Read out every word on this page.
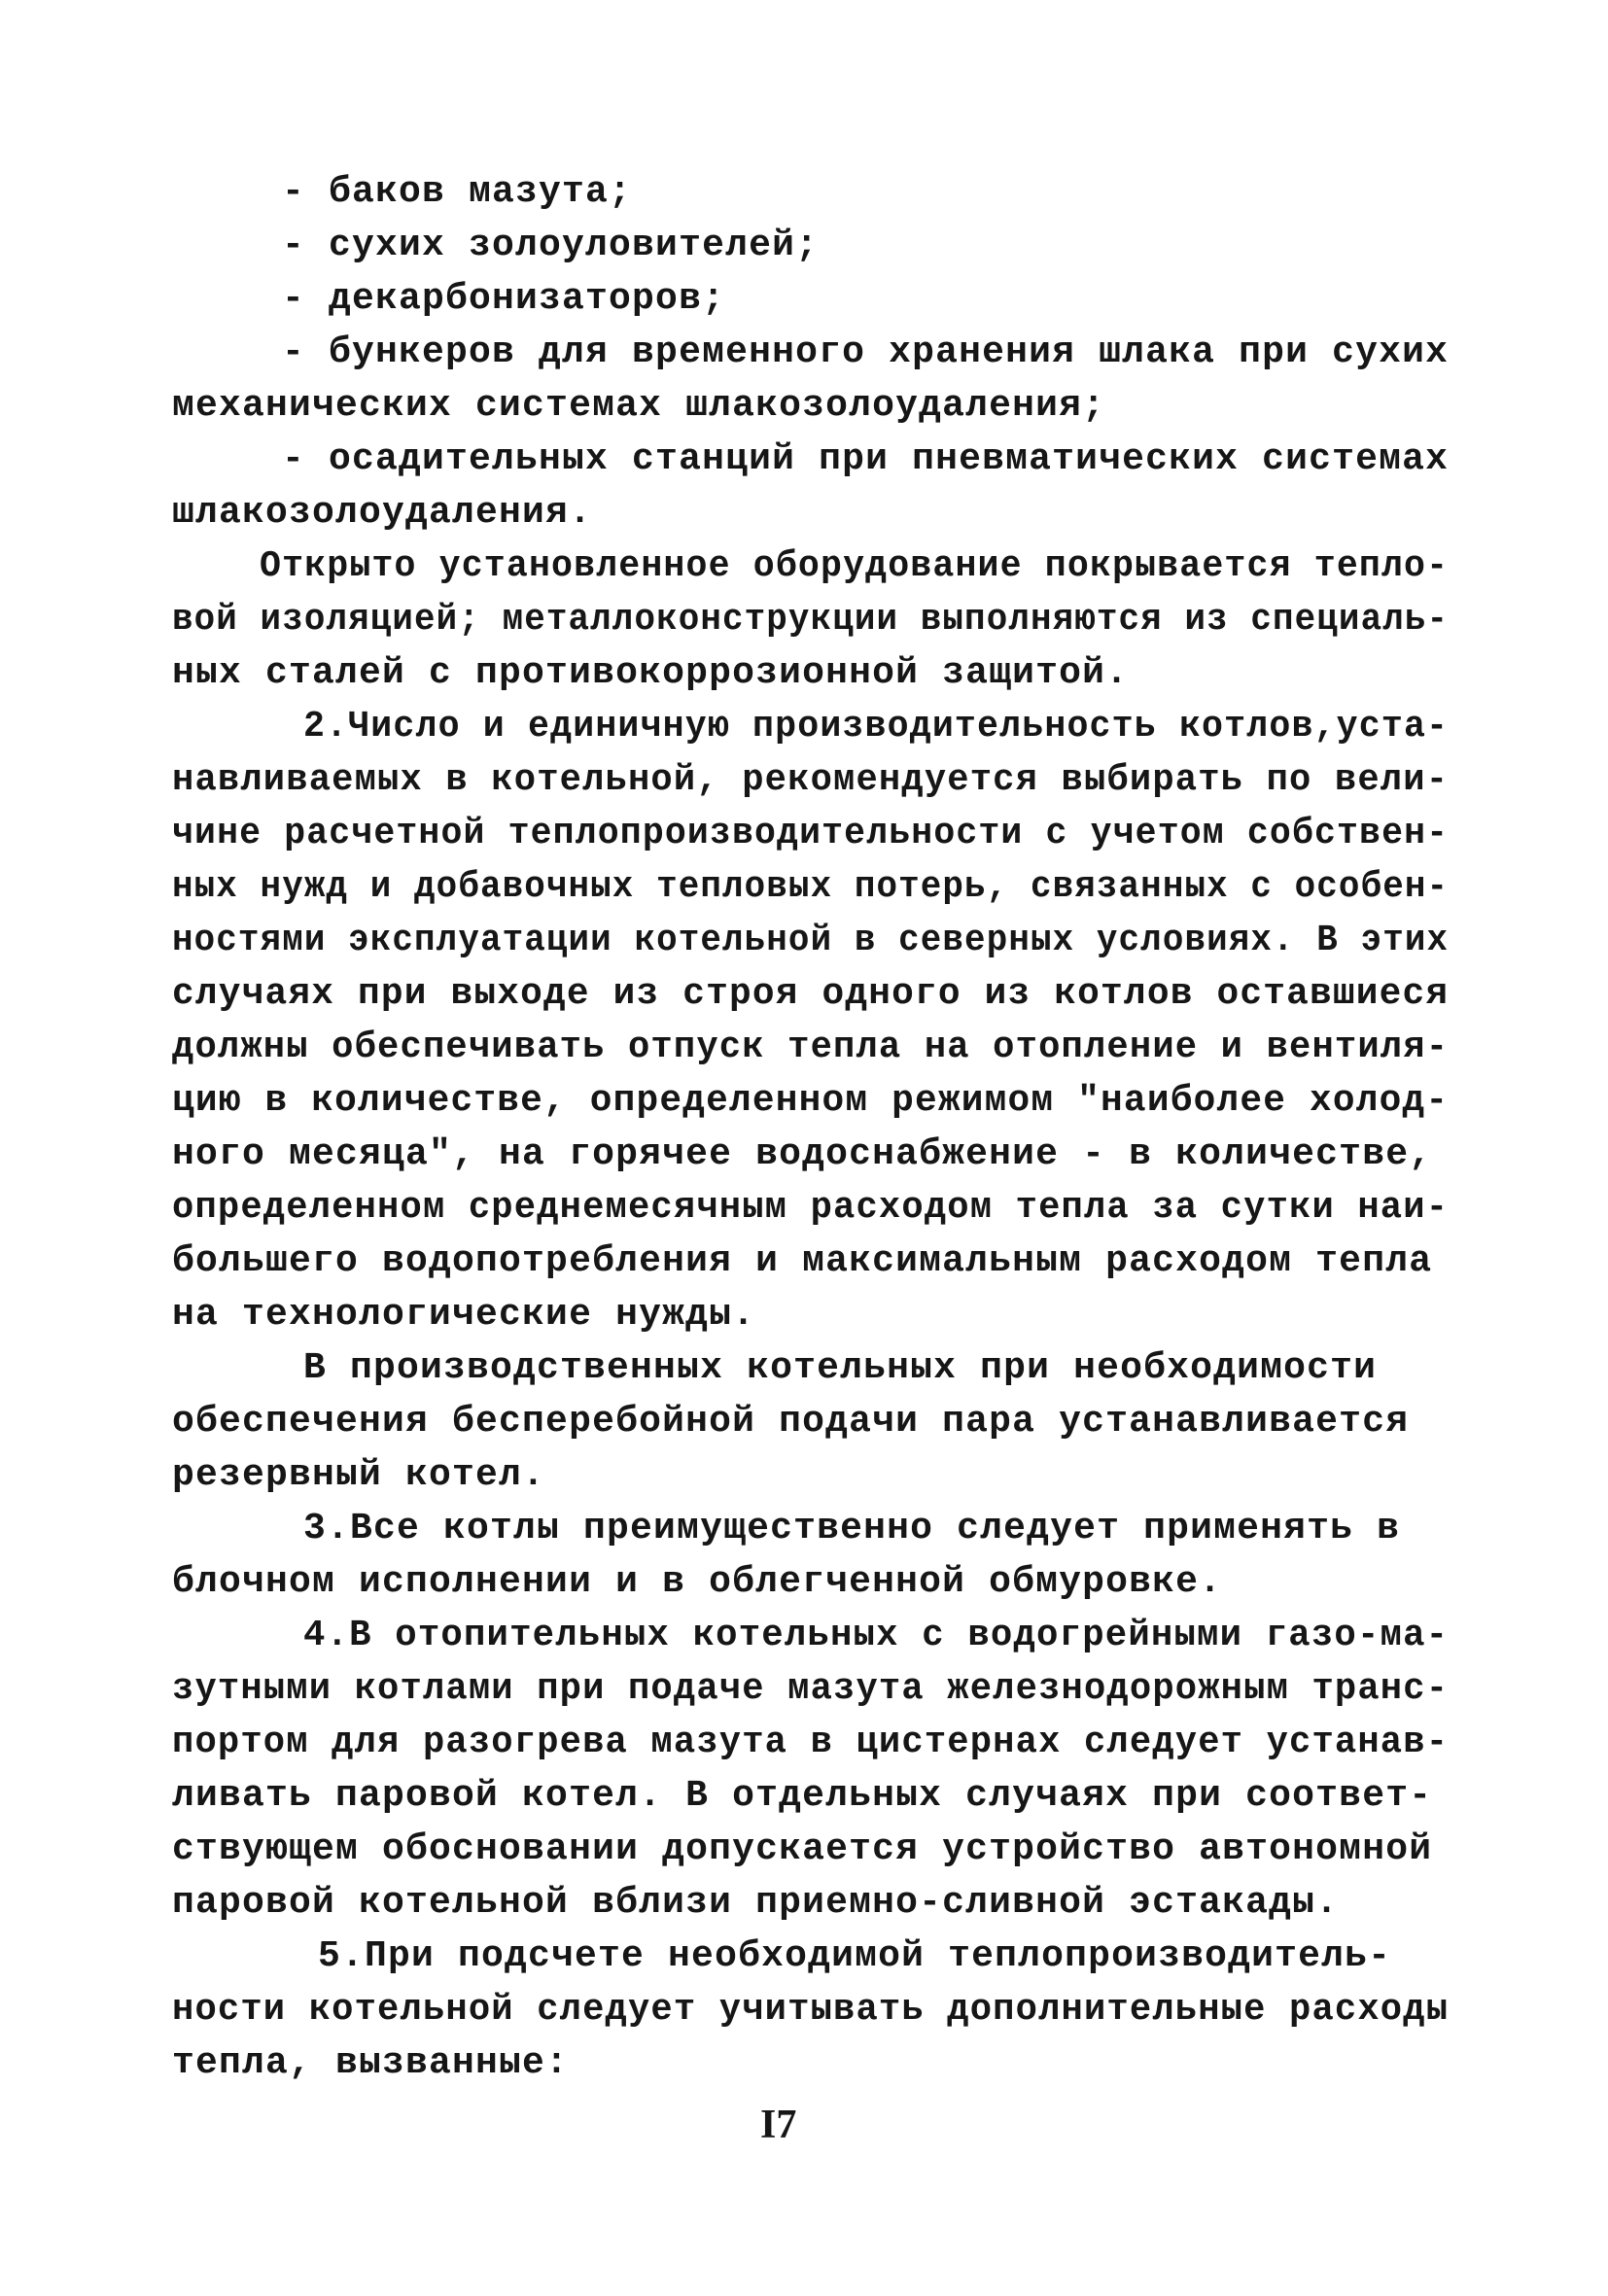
- баков мазута;
- сухих золоуловителей;
- декарбонизаторов;
- бункеров для временного хранения шлака при сухих
механических системах шлакозолоудаления;
- осадительных станций при пневматических системах
шлакозолоудаления.
Открыто установленное оборудование покрывается тепло-
вой изоляцией; металлоконструкции выполняются из специаль-
ных сталей с противокоррозионной защитой.
2.Число и единичную производительность котлов,уста-
навливаемых в котельной, рекомендуется выбирать по вели-
чине расчетной теплопроизводительности с учетом собствен-
ных нужд и добавочных тепловых потерь, связанных с особен-
ностями эксплуатации котельной в северных условиях. В этих
случаях при выходе из строя одного из котлов оставшиеся
должны обеспечивать отпуск тепла на отопление и вентиля-
цию в количестве, определенном режимом "наиболее холод-
ного месяца", на горячее водоснабжение - в количестве,
определенном среднемесячным расходом тепла за сутки наи-
большего водопотребления и максимальным расходом тепла
на технологические нужды.
В производственных котельных при необходимости
обеспечения бесперебойной подачи пара устанавливается
резервный котел.
3.Все котлы преимущественно следует применять в
блочном исполнении и в облегченной обмуровке.
4.В отопительных котельных с водогрейными газо-ма-
зутными котлами при подаче мазута железнодорожным транс-
портом для разогрева мазута в цистернах следует устанав-
ливать паровой котел. В отдельных случаях при соответ-
ствующем обосновании допускается устройство автономной
паровой котельной вблизи приемно-сливной эстакады.
5.При подсчете необходимой теплопроизводитель-
ности котельной следует учитывать дополнительные расходы
тепла, вызванные:
I7
